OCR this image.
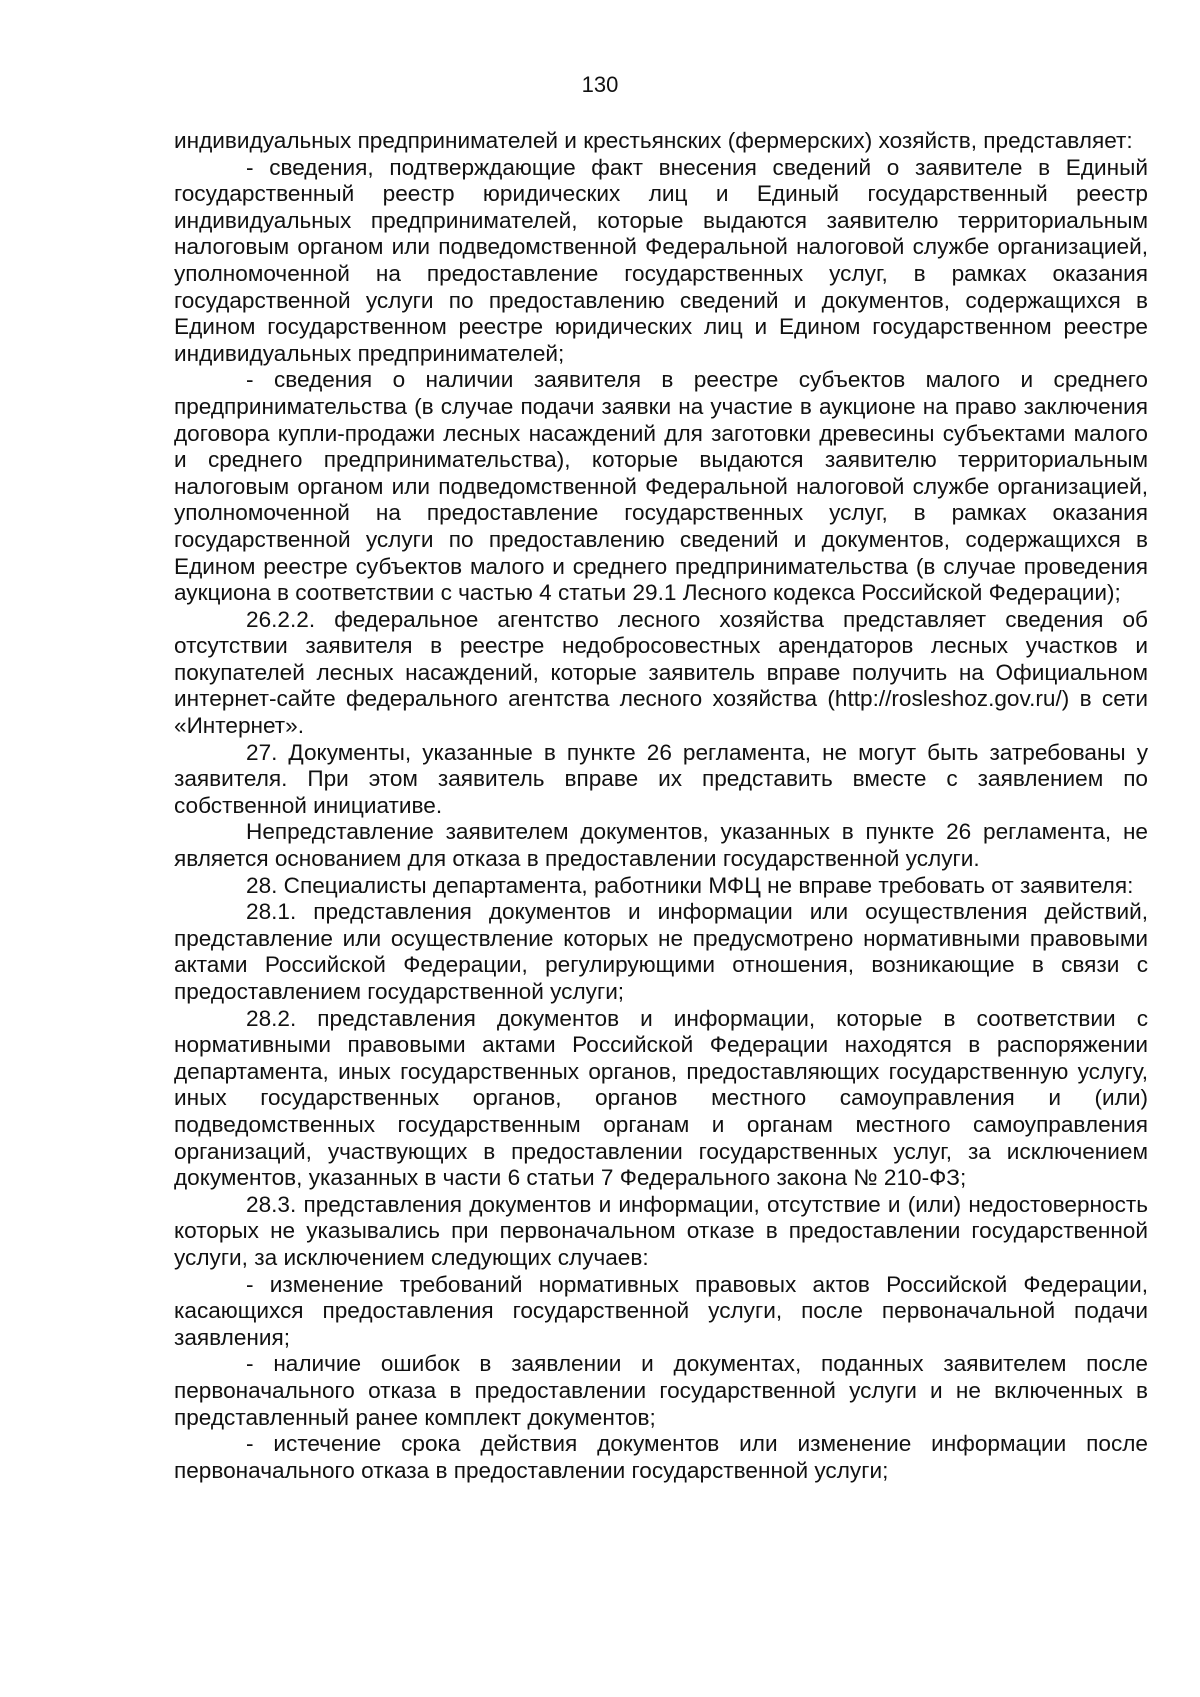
130

индивидуальных предпринимателей и крестьянских (фермерских) хозяйств, представляет:

- сведения, подтверждающие факт внесения сведений о заявителе в Единый государственный реестр юридических лиц и Единый государственный реестр индивидуальных предпринимателей, которые выдаются заявителю территориальным налоговым органом или подведомственной Федеральной налоговой службе организацией, уполномоченной на предоставление государственных услуг, в рамках оказания государственной услуги по предоставлению сведений и документов, содержащихся в Едином государственном реестре юридических лиц и Едином государственном реестре индивидуальных предпринимателей;

- сведения о наличии заявителя в реестре субъектов малого и среднего предпринимательства (в случае подачи заявки на участие в аукционе на право заключения договора купли-продажи лесных насаждений для заготовки древесины субъектами малого и среднего предпринимательства), которые выдаются заявителю территориальным налоговым органом или подведомственной Федеральной налоговой службе организацией, уполномоченной на предоставление государственных услуг, в рамках оказания государственной услуги по предоставлению сведений и документов, содержащихся в Едином реестре субъектов малого и среднего предпринимательства (в случае проведения аукциона в соответствии с частью 4 статьи 29.1 Лесного кодекса Российской Федерации);

26.2.2. федеральное агентство лесного хозяйства представляет сведения об отсутствии заявителя в реестре недобросовестных арендаторов лесных участков и покупателей лесных насаждений, которые заявитель вправе получить на Официальном интернет-сайте федерального агентства лесного хозяйства (http://rosleshoz.gov.ru/) в сети «Интернет».

27. Документы, указанные в пункте 26 регламента, не могут быть затребованы у заявителя. При этом заявитель вправе их представить вместе с заявлением по собственной инициативе.

Непредставление заявителем документов, указанных в пункте 26 регламента, не является основанием для отказа в предоставлении государственной услуги.

28. Специалисты департамента, работники МФЦ не вправе требовать от заявителя:

28.1. представления документов и информации или осуществления действий, представление или осуществление которых не предусмотрено нормативными правовыми актами Российской Федерации, регулирующими отношения, возникающие в связи с предоставлением государственной услуги;

28.2. представления документов и информации, которые в соответствии с нормативными правовыми актами Российской Федерации находятся в распоряжении департамента, иных государственных органов, предоставляющих государственную услугу, иных государственных органов, органов местного самоуправления и (или) подведомственных государственным органам и органам местного самоуправления организаций, участвующих в предоставлении государственных услуг, за исключением документов, указанных в части 6 статьи 7 Федерального закона № 210-ФЗ;

28.3. представления документов и информации, отсутствие и (или) недостоверность которых не указывались при первоначальном отказе в предоставлении государственной услуги, за исключением следующих случаев:

- изменение требований нормативных правовых актов Российской Федерации, касающихся предоставления государственной услуги, после первоначальной подачи заявления;

- наличие ошибок в заявлении и документах, поданных заявителем после первоначального отказа в предоставлении государственной услуги и не включенных в представленный ранее комплект документов;

- истечение срока действия документов или изменение информации после первоначального отказа в предоставлении государственной услуги;
